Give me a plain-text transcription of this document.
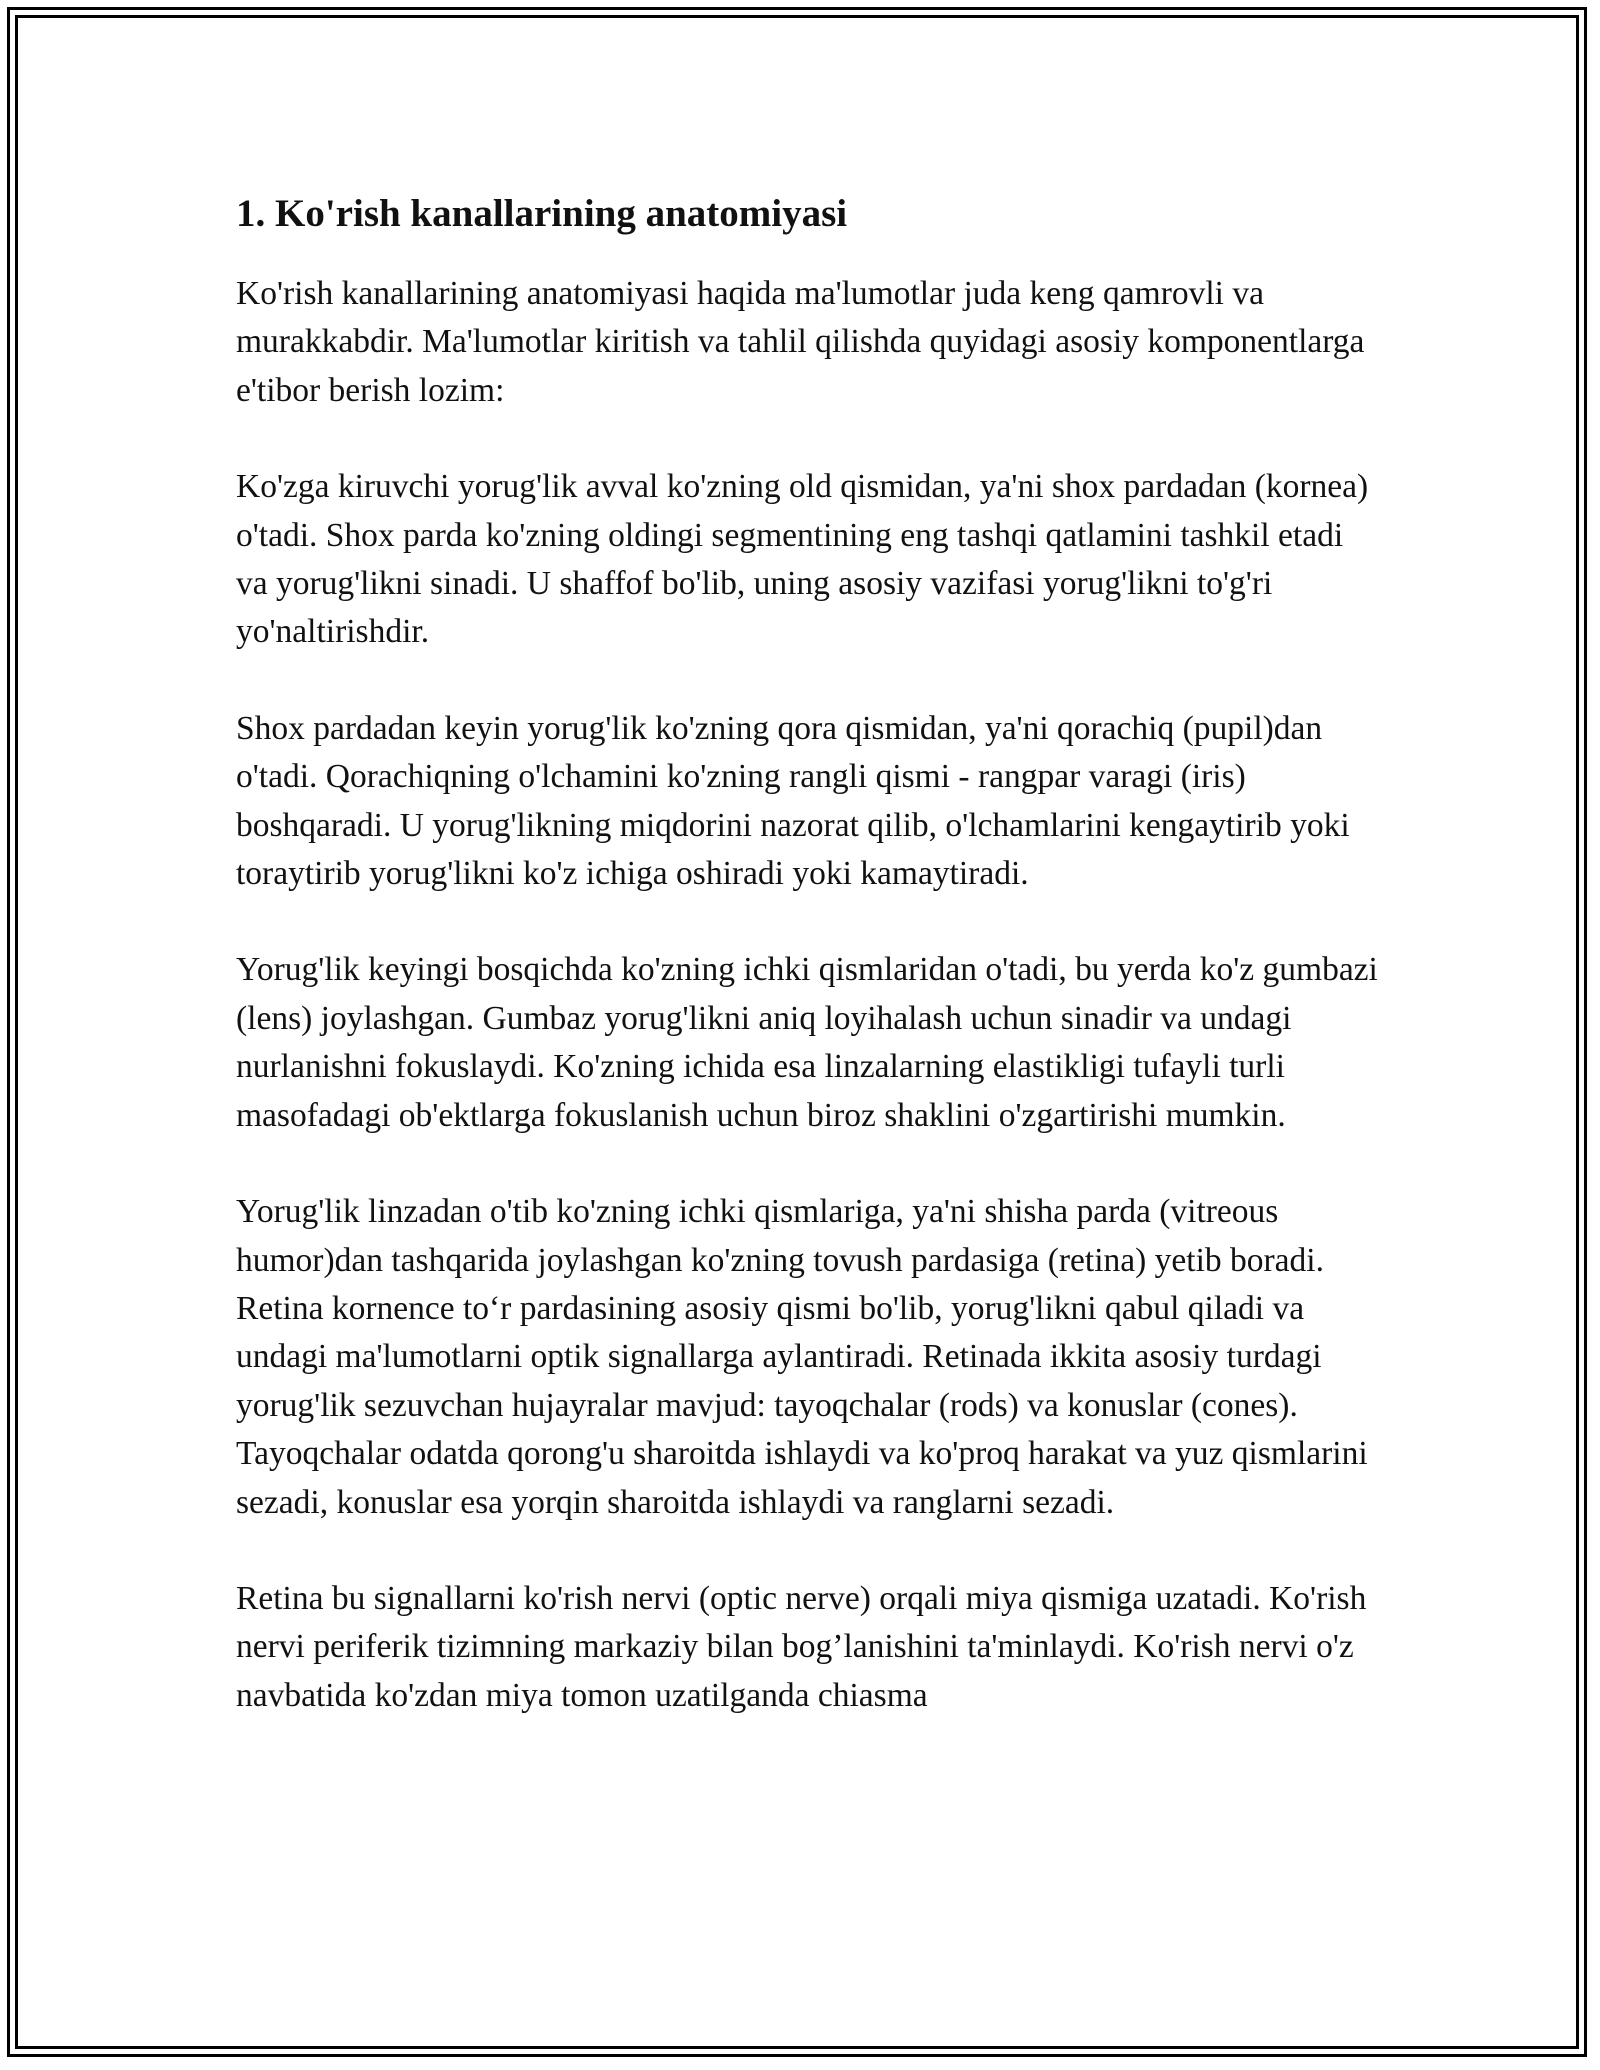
1. Ko'rish kanallarining anatomiyasi

Ko'rish kanallarining anatomiyasi haqida ma'lumotlar juda keng qamrovli va murakkabdir. Ma'lumotlar kiritish va tahlil qilishda quyidagi asosiy komponentlarga e'tibor berish lozim:

Ko'zga kiruvchi yorug'lik avval ko'zning old qismidan, ya'ni shox pardadan (kornea) o'tadi. Shox parda ko'zning oldingi segmentining eng tashqi qatlamini tashkil etadi va yorug'likni sinadi. U shaffof bo'lib, uning asosiy vazifasi yorug'likni to'g'ri yo'naltirishdir.

Shox pardadan keyin yorug'lik ko'zning qora qismidan, ya'ni qorachiq (pupil)dan o'tadi. Qorachiqning o'lchamini ko'zning rangli qismi - rangpar varagi (iris) boshqaradi. U yorug'likning miqdorini nazorat qilib, o'lchamlarini kengaytirib yoki toraytirib yorug'likni ko'z ichiga oshiradi yoki kamaytiradi.

Yorug'lik keyingi bosqichda ko'zning ichki qismlaridan o'tadi, bu yerda ko'z gumbazi (lens) joylashgan. Gumbaz yorug'likni aniq loyihalash uchun sinadir va undagi nurlanishni fokuslaydi. Ko'zning ichida esa linzalarning elastikligi tufayli turli masofadagi ob'ektlarga fokuslanish uchun biroz shaklini o'zgartirishi mumkin.

Yorug'lik linzadan o'tib ko'zning ichki qismlariga, ya'ni shisha parda (vitreous humor)dan tashqarida joylashgan ko'zning tovush pardasiga (retina) yetib boradi. Retina kornence to‘r pardasining asosiy qismi bo'lib, yorug'likni qabul qiladi va undagi ma'lumotlarni optik signallarga aylantiradi. Retinada ikkita asosiy turdagi yorug'lik sezuvchan hujayralar mavjud: tayoqchalar (rods) va konuslar (cones). Tayoqchalar odatda qorong'u sharoitda ishlaydi va ko'proq harakat va yuz qismlarini sezadi, konuslar esa yorqin sharoitda ishlaydi va ranglarni sezadi.

Retina bu signallarni ko'rish nervi (optic nerve) orqali miya qismiga uzatadi. Ko'rish nervi periferik tizimning markaziy bilan bog’lanishini ta'minlaydi. Ko'rish nervi o'z navbatida ko'zdan miya tomon uzatilganda chiasma
